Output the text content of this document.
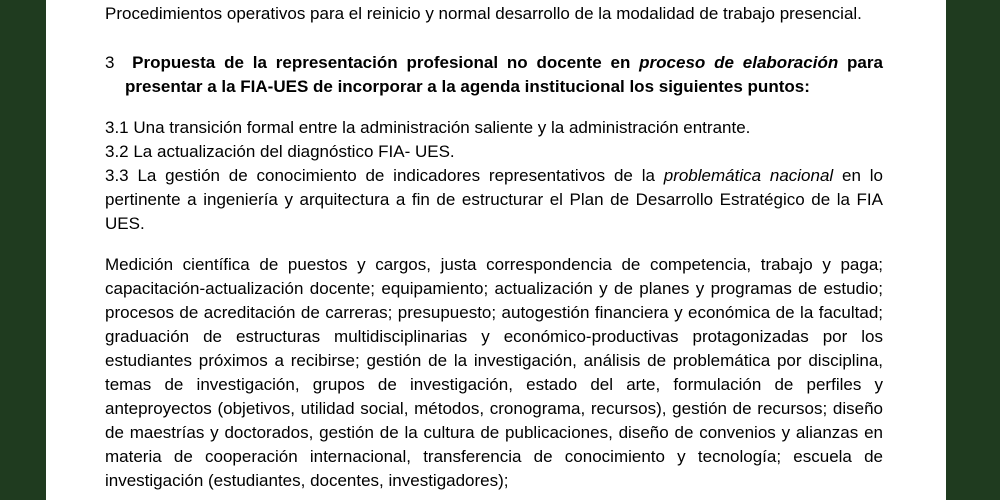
Procedimientos operativos para el reinicio y normal desarrollo de la modalidad de trabajo presencial.

3 Propuesta de la representación profesional no docente en proceso de elaboración para presentar a la FIA-UES de incorporar a la agenda institucional los siguientes puntos:

3.1 Una transición formal entre la administración saliente y la administración entrante.

3.2 La actualización del diagnóstico FIA- UES.

3.3 La gestión de conocimiento de indicadores representativos de la problemática nacional en lo pertinente a ingeniería y arquitectura a fin de estructurar el Plan de Desarrollo Estratégico de la FIA UES.

Medición científica de puestos y cargos, justa correspondencia de competencia, trabajo y paga; capacitación-actualización docente; equipamiento; actualización y de planes y programas de estudio; procesos de acreditación de carreras; presupuesto; autogestión financiera y económica de la facultad; graduación de estructuras multidisciplinarias y económico-productivas protagonizadas por los estudiantes próximos a recibirse; gestión de la investigación, análisis de problemática por disciplina, temas de investigación, grupos de investigación, estado del arte, formulación de perfiles y anteproyectos (objetivos, utilidad social, métodos, cronograma, recursos), gestión de recursos; diseño de maestrías y doctorados, gestión de la cultura de publicaciones, diseño de convenios y alianzas en materia de cooperación internacional, transferencia de conocimiento y tecnología; escuela de investigación (estudiantes, docentes, investigadores);
